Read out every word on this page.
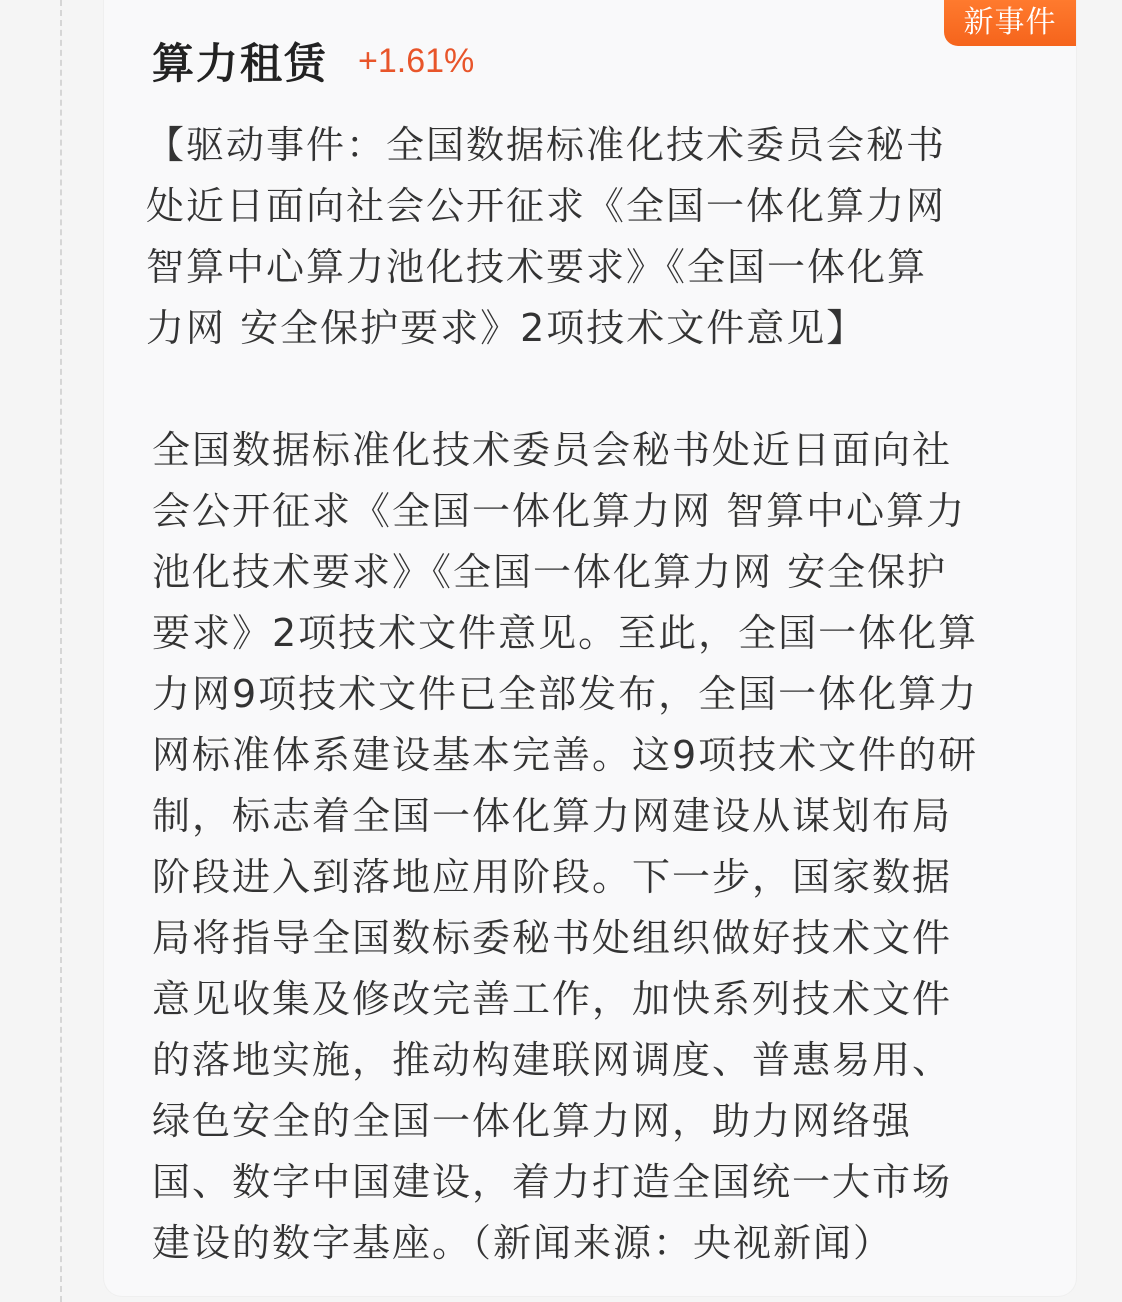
新事件
算力租赁 +1.61%
【驱动事件：全国数据标准化技术委员会秘书
处近日面向社会公开征求《全国一体化算力网
智算中心算力池化技术要求》《全国一体化算
力网 安全保护要求》2项技术文件意见】
全国数据标准化技术委员会秘书处近日面向社
会公开征求《全国一体化算力网 智算中心算力
池化技术要求》《全国一体化算力网 安全保护
要求》2项技术文件意见。至此，全国一体化算
力网9项技术文件已全部发布，全国一体化算力
网标准体系建设基本完善。这9项技术文件的研
制，标志着全国一体化算力网建设从谋划布局
阶段进入到落地应用阶段。下一步，国家数据
局将指导全国数标委秘书处组织做好技术文件
意见收集及修改完善工作，加快系列技术文件
的落地实施，推动构建联网调度、普惠易用、
绿色安全的全国一体化算力网，助力网络强
国、数字中国建设，着力打造全国统一大市场
建设的数字基座。（新闻来源：央视新闻）
